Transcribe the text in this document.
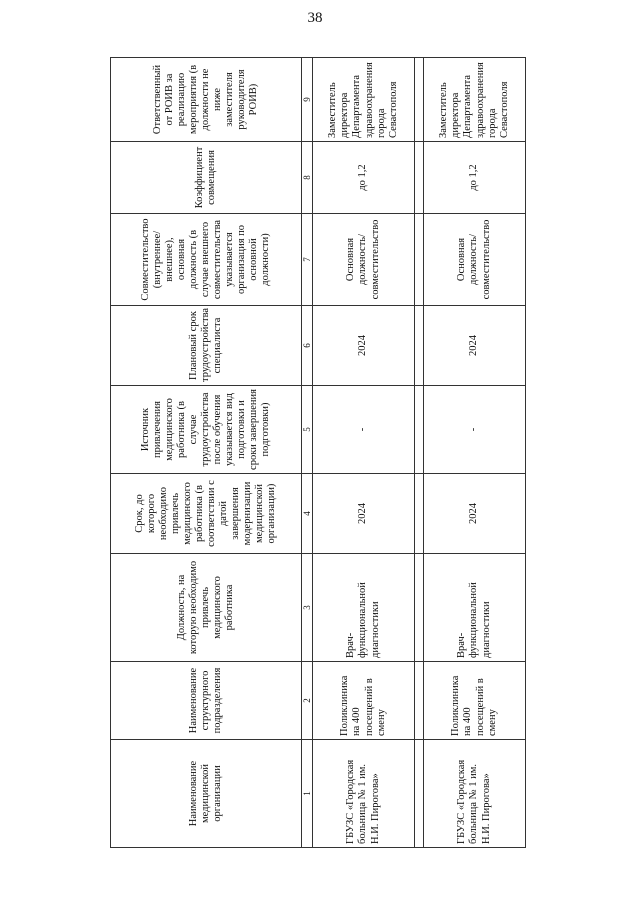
38
Наименование медицинской организации	Наименование структурного подразделения	Должность, на которую необходимо привлечь медицинского работника	Срок, до которого необходимо привлечь медицинского работника (в соответствии с датой завершения модернизации медицинской организации)	Источник привлечения медицинского работника (в случае трудоустройства после обучения указывается вид подготовки и сроки завершения подготовки)	Плановый срок трудоустройства специалиста	Совместительство (внутреннее/внешнее), основная должность (в случае внешнего совместительства указывается организация по основной должности)	Коэффициент совмещения	Ответственный от РОИВ за реализацию мероприятия (в должности не ниже заместителя руководителя РОИВ)
1	2	3	4	5	6	7	8	9
ГБУЗС «Городская больница № 1 им. Н.И. Пирогова»	Поликлиника на 400 посещений в смену	Врач-функциональной диагностики	2024	-	2024	Основная должность/ совместительство	до 1,2	Заместитель директора Департамента здравоохранения города Севастополя

ГБУЗС «Городская больница № 1 им. Н.И. Пирогова»	Поликлиника на 400 посещений в смену	Врач-функциональной диагностики	2024	-	2024	Основная должность/ совместительство	до 1,2	Заместитель директора Департамента здравоохранения города Севастополя
